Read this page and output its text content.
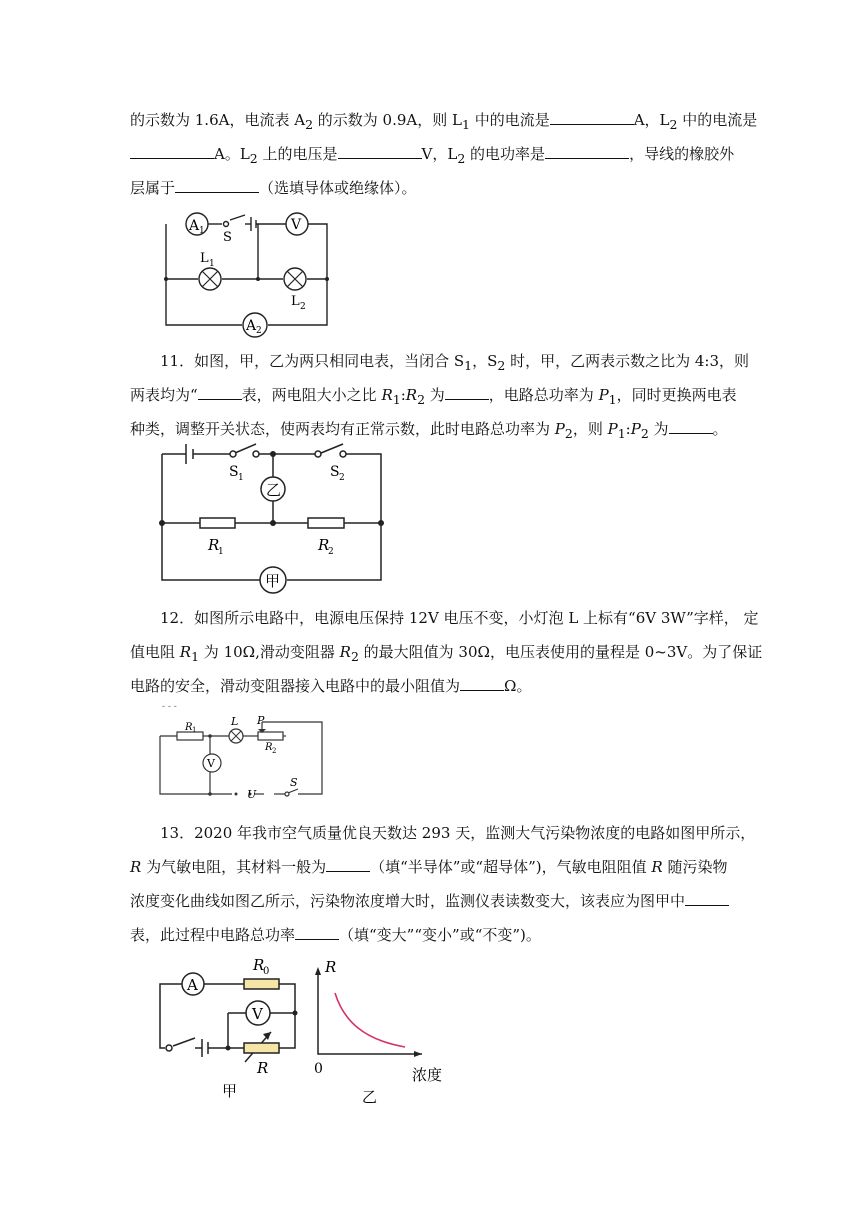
的示数为 1.6A，电流表 $A_2$ 的示数为 0.9A，则 $L_1$ 中的电流是	A，$L_2$ 中的电流是
A。$L_2$ 上的电压是	V，$L_2$ 的电功率是	，导线的橡胶外
层属于	（选填导体或绝缘体）。
A 1 S
V
L 1
L 2
A 2
11．如图，甲，乙为两只相同电表，当闭合 $S_1$，$S_2$ 时，甲，乙两表示数之比为 4:3，则
两表均为“	表，两电阻大小之比 $R_1:R_2$ 为	，电路总功率为 $P_1$，同时更换两电表
种类，调整开关状态，使两表均有正常示数，此时电路总功率为 $P_2$，则 $P_1:P_2$ 为	。
S 1	S 2
乙
R
1	R
2
甲
12．如图所示电路中，电源电压保持 12V 电压不变，小灯泡 L 上标有“6V 3W”字样， 定
值电阻 $R_1$ 为 10Ω,滑动变阻器 $R_2$ 的最大阻值为 30Ω，电压表使用的量程是 0~3V。为了保证
电路的安全，滑动变阻器接入电路中的最小阻值为	Ω。
- - -
R 1
L P
R 2
V
U
S
13．2020 年我市空气质量优良天数达 293 天，监测大气污染物浓度的电路如图甲所示，
R 为气敏电阻，其材料一般为	（填“半导体”或“超导体”)，气敏电阻阻值 R 随污染物
浓度变化曲线如图乙所示，污染物浓度增大时，监测仪表读数变大，该表应为图甲中
表，此过程中电路总功率	（填“变大”“变小”或“不变”)。
A
R
0
V
R
甲
R
0	浓度
乙
